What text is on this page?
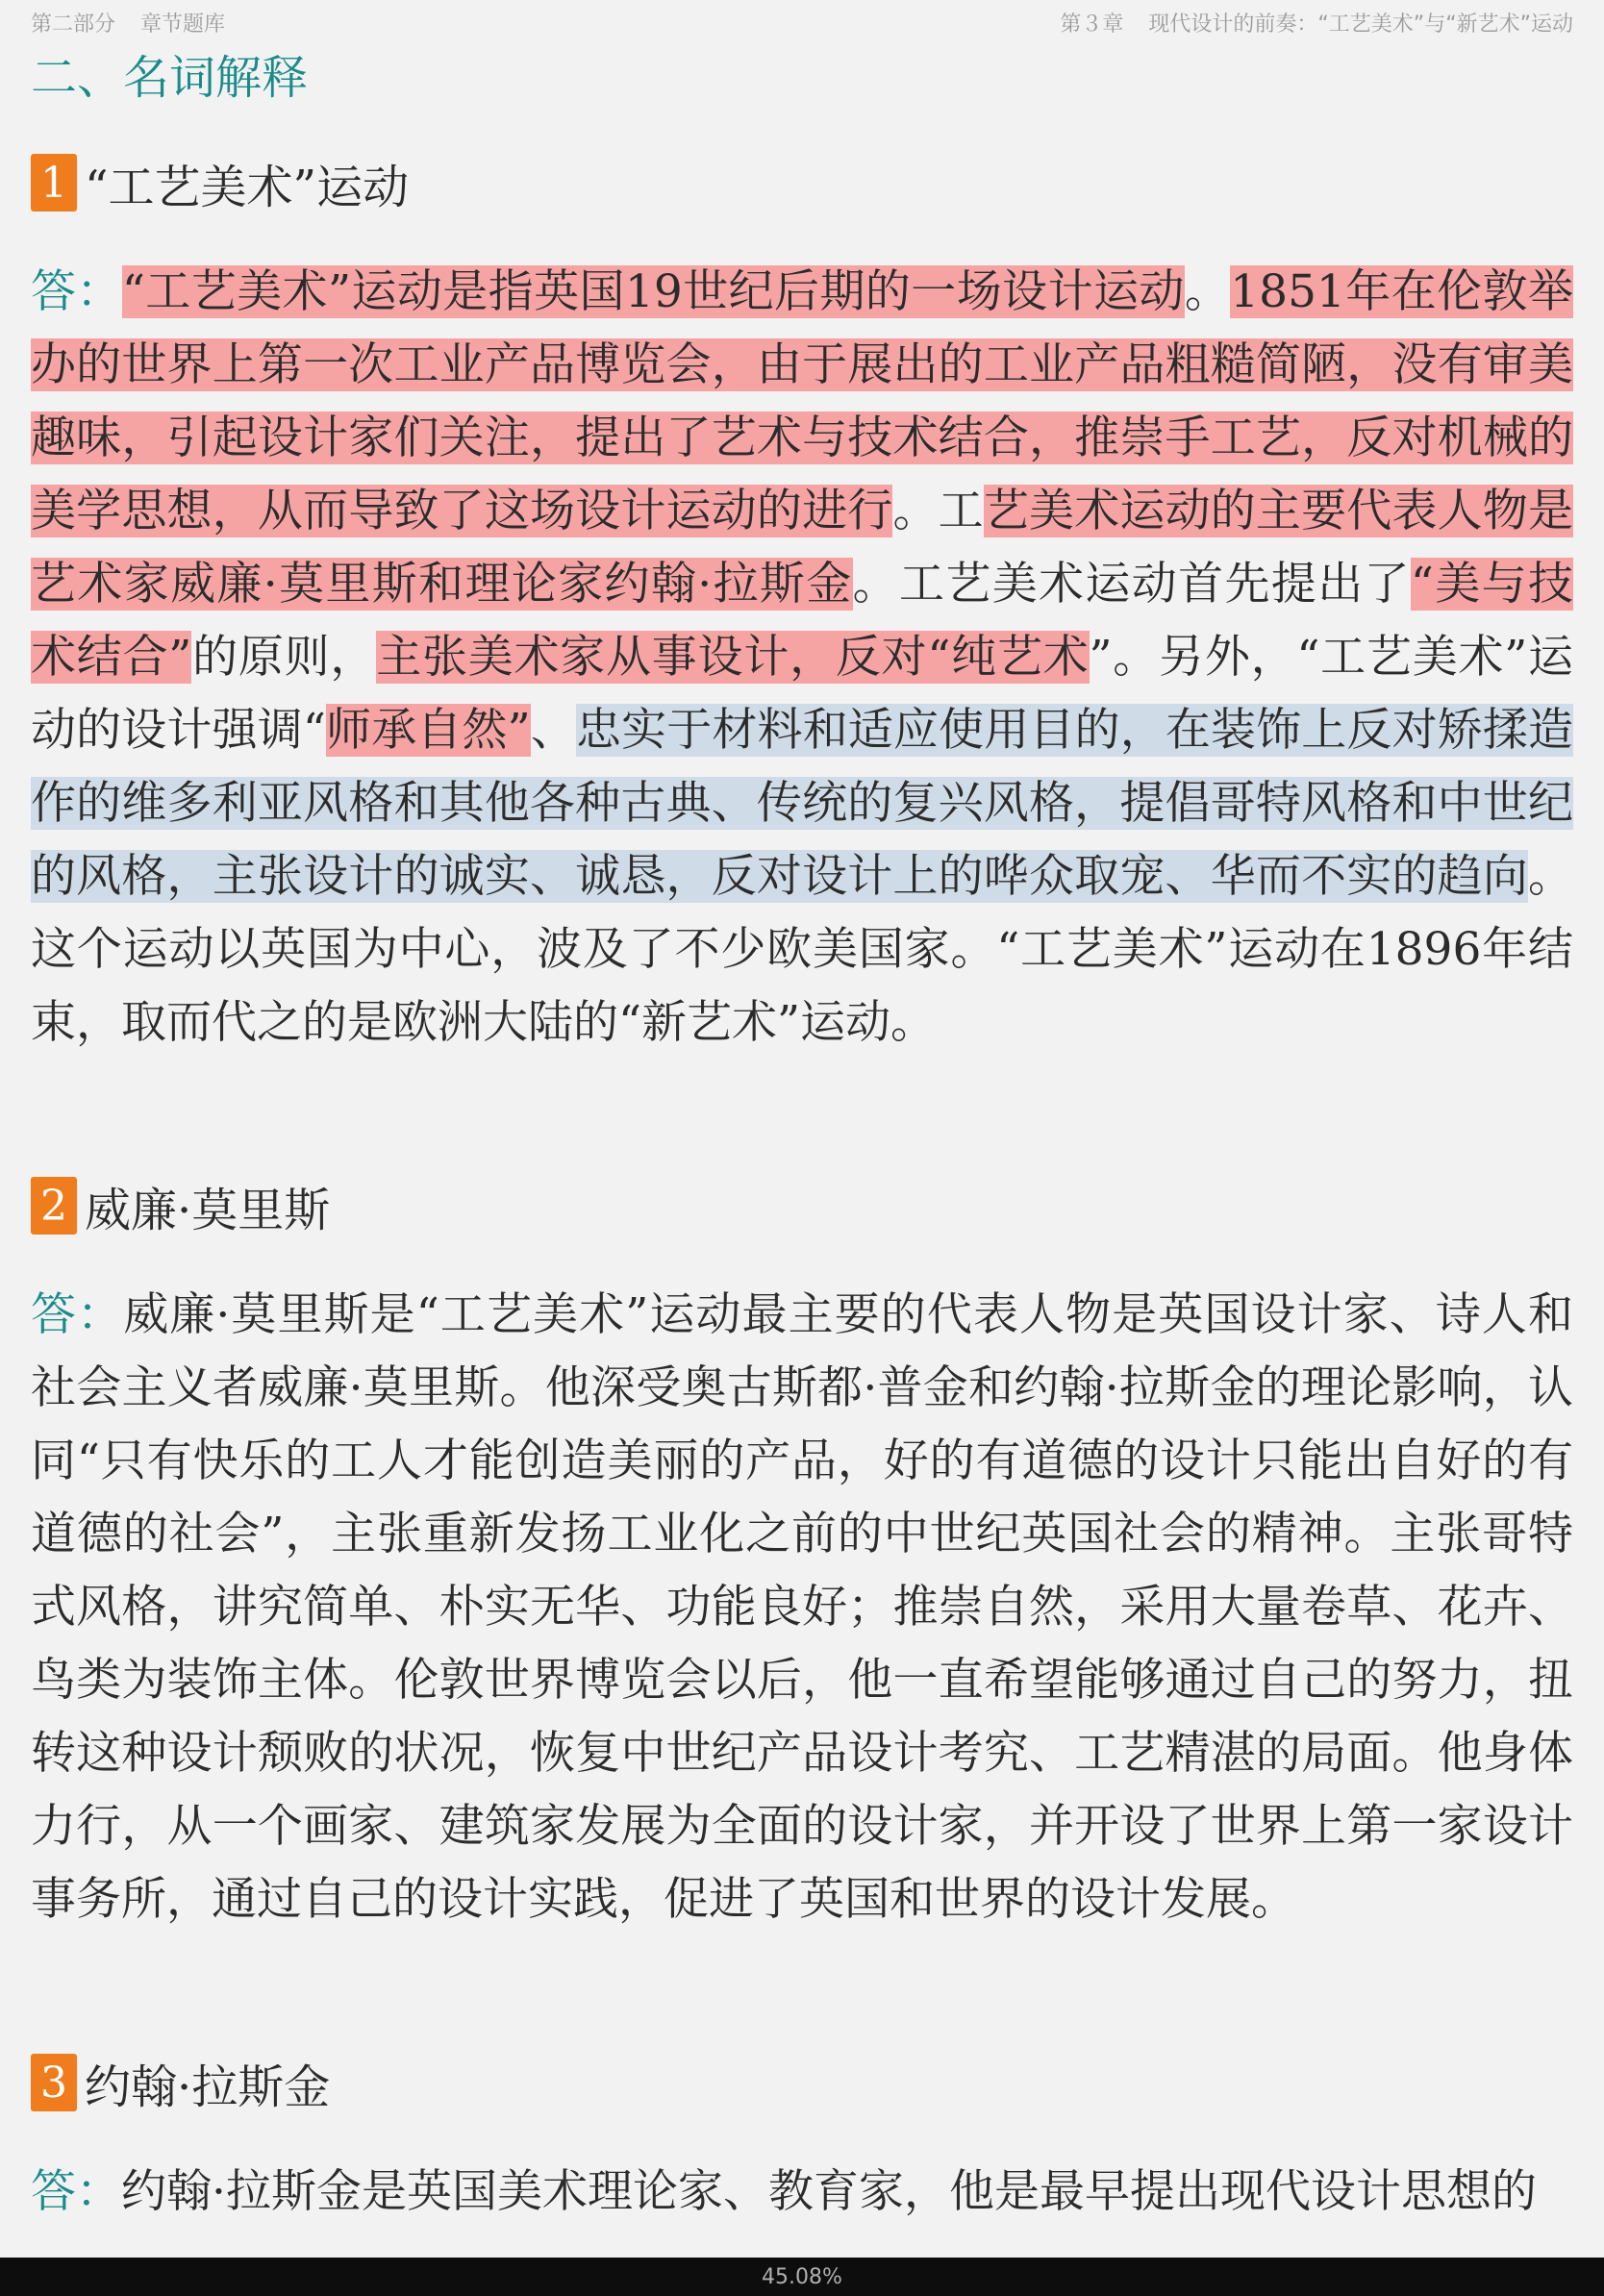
第二部分 章节题库	第３章 现代设计的前奏：“工艺美术”与“新艺术”运动
二、名词解释
1 “工艺美术”运动
答：“工艺美术”运动是指英国19世纪后期的一场设计运动。1851年在伦敦举办的世界上第一次工业产品博览会，由于展出的工业产品粗糙简陋，没有审美趣味，引起设计家们关注，提出了艺术与技术结合，推崇手工艺，反对机械的美学思想，从而导致了这场设计运动的进行。工艺美术运动的主要代表人物是艺术家威廉·莫里斯和理论家约翰·拉斯金。工艺美术运动首先提出了“美与技术结合”的原则，主张美术家从事设计，反对“纯艺术”。另外，“工艺美术”运动的设计强调“师承自然”、忠实于材料和适应使用目的，在装饰上反对矫揉造作的维多利亚风格和其他各种古典、传统的复兴风格，提倡哥特风格和中世纪的风格，主张设计的诚实、诚恳，反对设计上的哗众取宠、华而不实的趋向。这个运动以英国为中心，波及了不少欧美国家。“工艺美术”运动在1896年结束，取而代之的是欧洲大陆的“新艺术”运动。
2 威廉·莫里斯
答：威廉·莫里斯是“工艺美术”运动最主要的代表人物是英国设计家、诗人和社会主义者威廉·莫里斯。他深受奥古斯都·普金和约翰·拉斯金的理论影响，认同“只有快乐的工人才能创造美丽的产品，好的有道德的设计只能出自好的有道德的社会”，主张重新发扬工业化之前的中世纪英国社会的精神。主张哥特式风格，讲究简单、朴实无华、功能良好；推崇自然，采用大量卷草、花卉、鸟类为装饰主体。伦敦世界博览会以后，他一直希望能够通过自己的努力，扭转这种设计颓败的状况，恢复中世纪产品设计考究、工艺精湛的局面。他身体力行，从一个画家、建筑家发展为全面的设计家，并开设了世界上第一家设计事务所，通过自己的设计实践，促进了英国和世界的设计发展。
3 约翰·拉斯金
答：约翰·拉斯金是英国美术理论家、教育家，他是最早提出现代设计思想的
45.08%
